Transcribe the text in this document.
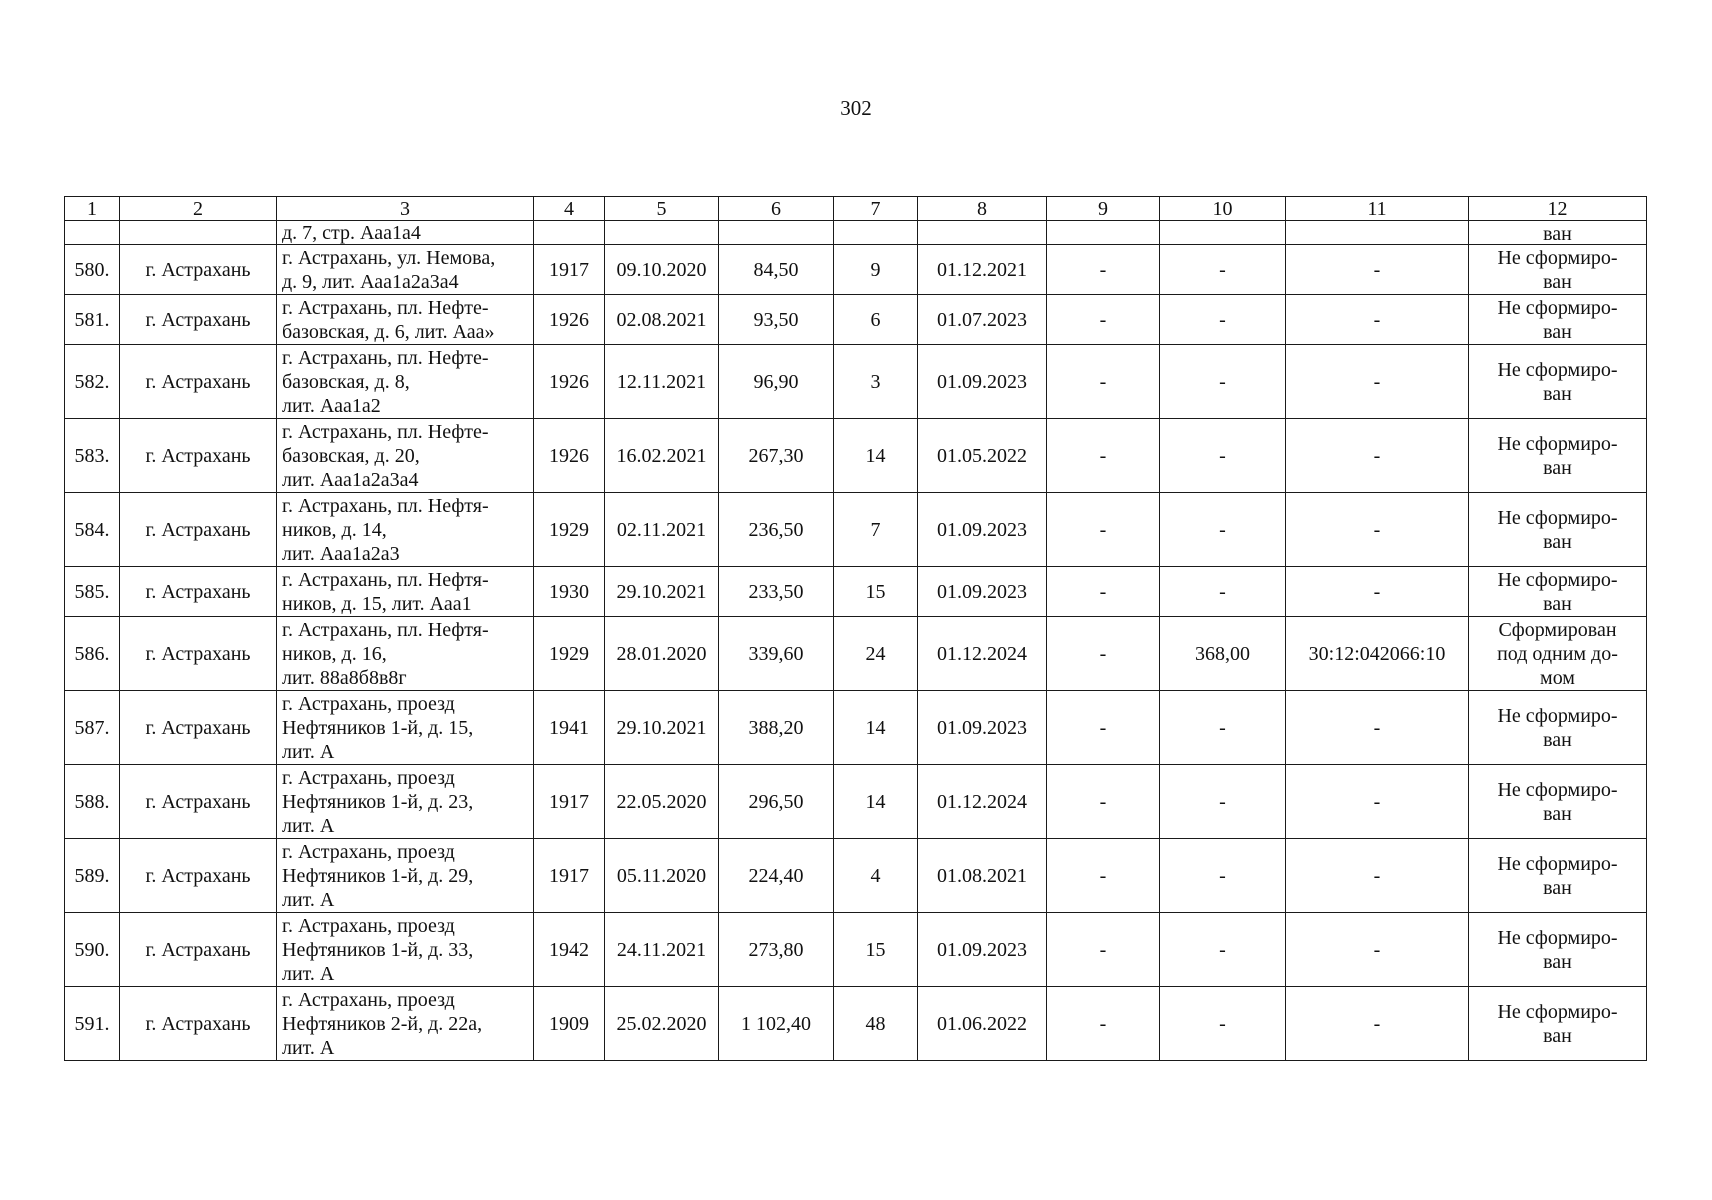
302
1	2	3	4	5	6	7	8	9	10	11	12
		д. 7, стр. Ааа1а4									ван
580.	г. Астрахань	г. Астрахань, ул. Немова,
д. 9, лит. Ааа1а2а3а4	1917	09.10.2020	84,50	9	01.12.2021	-	-	-	Не сформиро-
ван
581.	г. Астрахань	г. Астрахань, пл. Нефте-
базовская, д. 6, лит. Ааа»	1926	02.08.2021	93,50	6	01.07.2023	-	-	-	Не сформиро-
ван
582.	г. Астрахань	г. Астрахань, пл. Нефте-
базовская, д. 8,
лит. Ааа1а2	1926	12.11.2021	96,90	3	01.09.2023	-	-	-	Не сформиро-
ван
583.	г. Астрахань	г. Астрахань, пл. Нефте-
базовская, д. 20,
лит. Ааа1а2а3а4	1926	16.02.2021	267,30	14	01.05.2022	-	-	-	Не сформиро-
ван
584.	г. Астрахань	г. Астрахань, пл. Нефтя-
ников, д. 14,
лит. Ааа1а2а3	1929	02.11.2021	236,50	7	01.09.2023	-	-	-	Не сформиро-
ван
585.	г. Астрахань	г. Астрахань, пл. Нефтя-
ников, д. 15, лит. Ааа1	1930	29.10.2021	233,50	15	01.09.2023	-	-	-	Не сформиро-
ван
586.	г. Астрахань	г. Астрахань, пл. Нефтя-
ников, д. 16,
лит. 88а8б8в8г	1929	28.01.2020	339,60	24	01.12.2024	-	368,00	30:12:042066:10	Сформирован
под одним до-
мом
587.	г. Астрахань	г. Астрахань, проезд
Нефтяников 1-й, д. 15,
лит. А	1941	29.10.2021	388,20	14	01.09.2023	-	-	-	Не сформиро-
ван
588.	г. Астрахань	г. Астрахань, проезд
Нефтяников 1-й, д. 23,
лит. А	1917	22.05.2020	296,50	14	01.12.2024	-	-	-	Не сформиро-
ван
589.	г. Астрахань	г. Астрахань, проезд
Нефтяников 1-й, д. 29,
лит. А	1917	05.11.2020	224,40	4	01.08.2021	-	-	-	Не сформиро-
ван
590.	г. Астрахань	г. Астрахань, проезд
Нефтяников 1-й, д. 33,
лит. А	1942	24.11.2021	273,80	15	01.09.2023	-	-	-	Не сформиро-
ван
591.	г. Астрахань	г. Астрахань, проезд
Нефтяников 2-й, д. 22а,
лит. А	1909	25.02.2020	1 102,40	48	01.06.2022	-	-	-	Не сформиро-
ван
